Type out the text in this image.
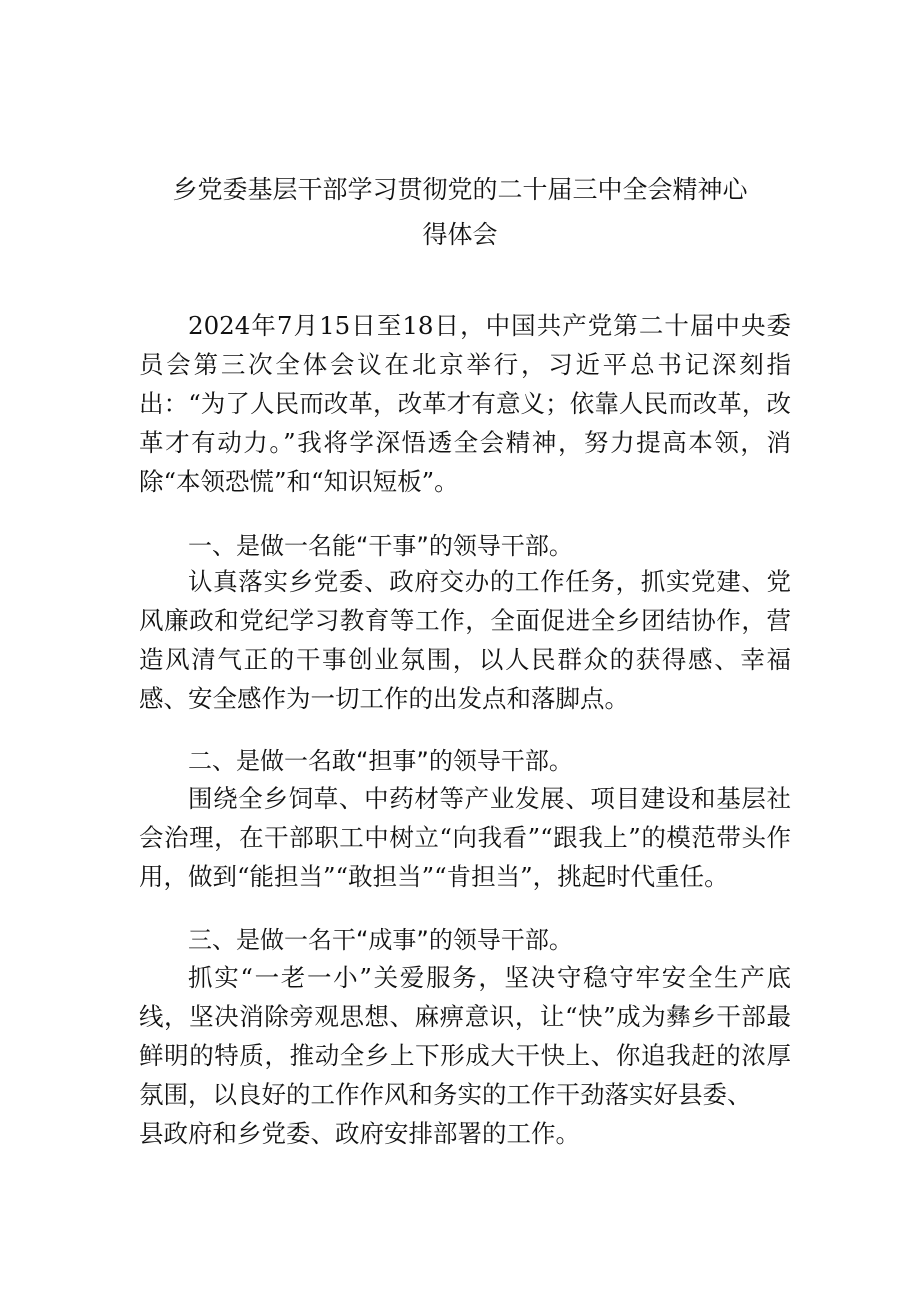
乡党委基层干部学习贯彻党的二十届三中全会精神心
得体会

2024年7月15日至18日，中国共产党第二十届中央委员会第三次全体会议在北京举行，习近平总书记深刻指出：“为了人民而改革，改革才有意义；依靠人民而改革，改革才有动力。”我将学深悟透全会精神，努力提高本领，消除“本领恐慌”和“知识短板”。

一、是做一名能“干事”的领导干部。

认真落实乡党委、政府交办的工作任务，抓实党建、党风廉政和党纪学习教育等工作，全面促进全乡团结协作，营造风清气正的干事创业氛围，以人民群众的获得感、幸福感、安全感作为一切工作的出发点和落脚点。

二、是做一名敢“担事”的领导干部。

围绕全乡饲草、中药材等产业发展、项目建设和基层社会治理，在干部职工中树立“向我看”“跟我上”的模范带头作用，做到“能担当”“敢担当”“肯担当”，挑起时代重任。

三、是做一名干“成事”的领导干部。

抓实“一老一小”关爱服务，坚决守稳守牢安全生产底线，坚决消除旁观思想、麻痹意识，让“快”成为彝乡干部最鲜明的特质，推动全乡上下形成大干快上、你追我赶的浓厚氛围，以良好的工作作风和务实的工作干劲落实好县委、
县政府和乡党委、政府安排部署的工作。
